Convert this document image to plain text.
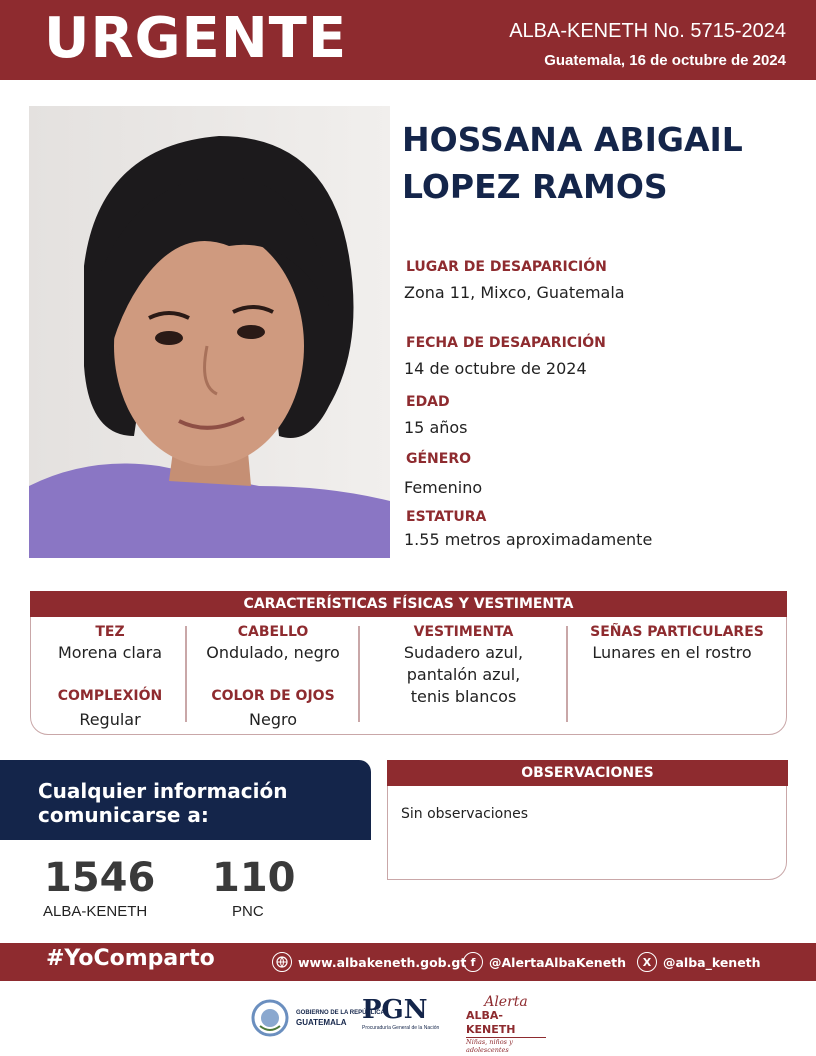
URGENTE	ALBA-KENETH No. 5715-2024
Guatemala, 16 de octubre de 2024
HOSSANA ABIGAIL
LOPEZ RAMOS
LUGAR DE DESAPARICIÓN
Zona 11, Mixco, Guatemala
FECHA DE DESAPARICIÓN
14 de octubre de 2024
EDAD
15 años
GÉNERO
Femenino
ESTATURA
1.55 metros aproximadamente
CARACTERÍSTICAS FÍSICAS Y VESTIMENTA
TEZ
Morena clara
COMPLEXIÓN
Regular
CABELLO
Ondulado, negro
COLOR DE OJOS
Negro
VESTIMENTA
Sudadero azul,
pantalón azul,
tenis blancos
SEÑAS PARTICULARES
Lunares en el rostro
Cualquier información
comunicarse a:
1546
ALBA-KENETH
110
PNC
OBSERVACIONES
Sin observaciones
#YoComparto	www.albakeneth.gob.gt f	@AlertaAlbaKeneth	X @alba_keneth
GOBIERNO DE LA REPÚBLICA
GUATEMALA PGN
Procuraduría General de la Nación
Alerta
ALBA-KENETH
Niñas, niños y adolescentes
